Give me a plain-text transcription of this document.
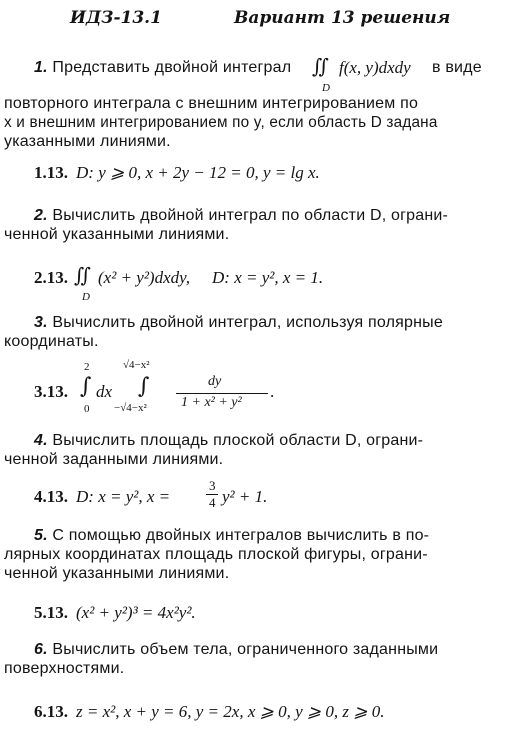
ИДЗ-13.1	Вариант 13 решения
1. Представить двойной интеграл ∬
D
f(x, y)dxdy в виде
повторного интеграла с внешним интегрированием по
x и внешним интегрированием по y, если область D задана
указанными линиями.
1.13. D: y ⩾ 0, x + 2y − 12 = 0, y = lg x.
2. Вычислить двойной интеграл по области D, ограни-
ченной указанными линиями.
2.13. ∬
D
(x² + y²)dxdy, D: x = y², x = 1.
3. Вычислить двойной интеграл, используя полярные
координаты.
3.13.
2
∫
0
dx
√4−x²
∫
−√4−x²
dy
1 + x² + y²
.
4. Вычислить площадь плоской области D, ограни-
ченной заданными линиями.
4.13. D: x = y², x =
3
4 y² + 1.
5. С помощью двойных интегралов вычислить в по-
лярных координатах площадь плоской фигуры, ограни-
ченной указанными линиями.
5.13. (x² + y²)³ = 4x²y².
6. Вычислить объем тела, ограниченного заданными
поверхностями.
6.13. z = x², x + y = 6, y = 2x, x ⩾ 0, y ⩾ 0, z ⩾ 0.
